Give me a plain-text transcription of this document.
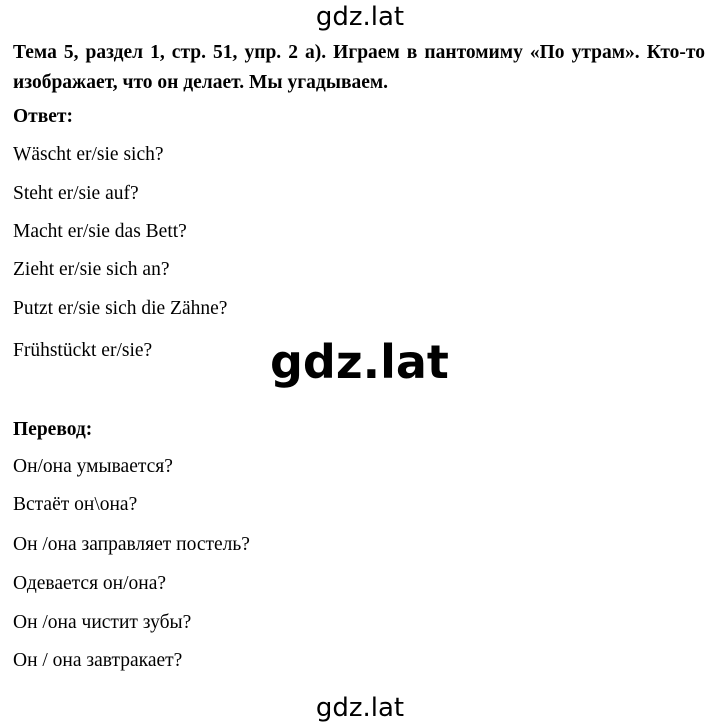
gdz.lat
Тема 5, раздел 1, стр. 51, упр. 2 а). Играем в пантомиму «По утрам». Кто-то изображает, что он делает. Мы угадываем.
Ответ:
Wäscht er/sie sich?
Steht er/sie auf?
Macht er/sie das Bett?
Zieht er/sie sich an?
Putzt er/sie sich die Zähne?
Frühstückt er/sie?	gdz.lat
Перевод:
Он/она умывается?
Встаёт он\она?
Он /она заправляет постель?
Одевается он/она?
Он /она чистит зубы?
Он / она завтракает?
gdz.lat
